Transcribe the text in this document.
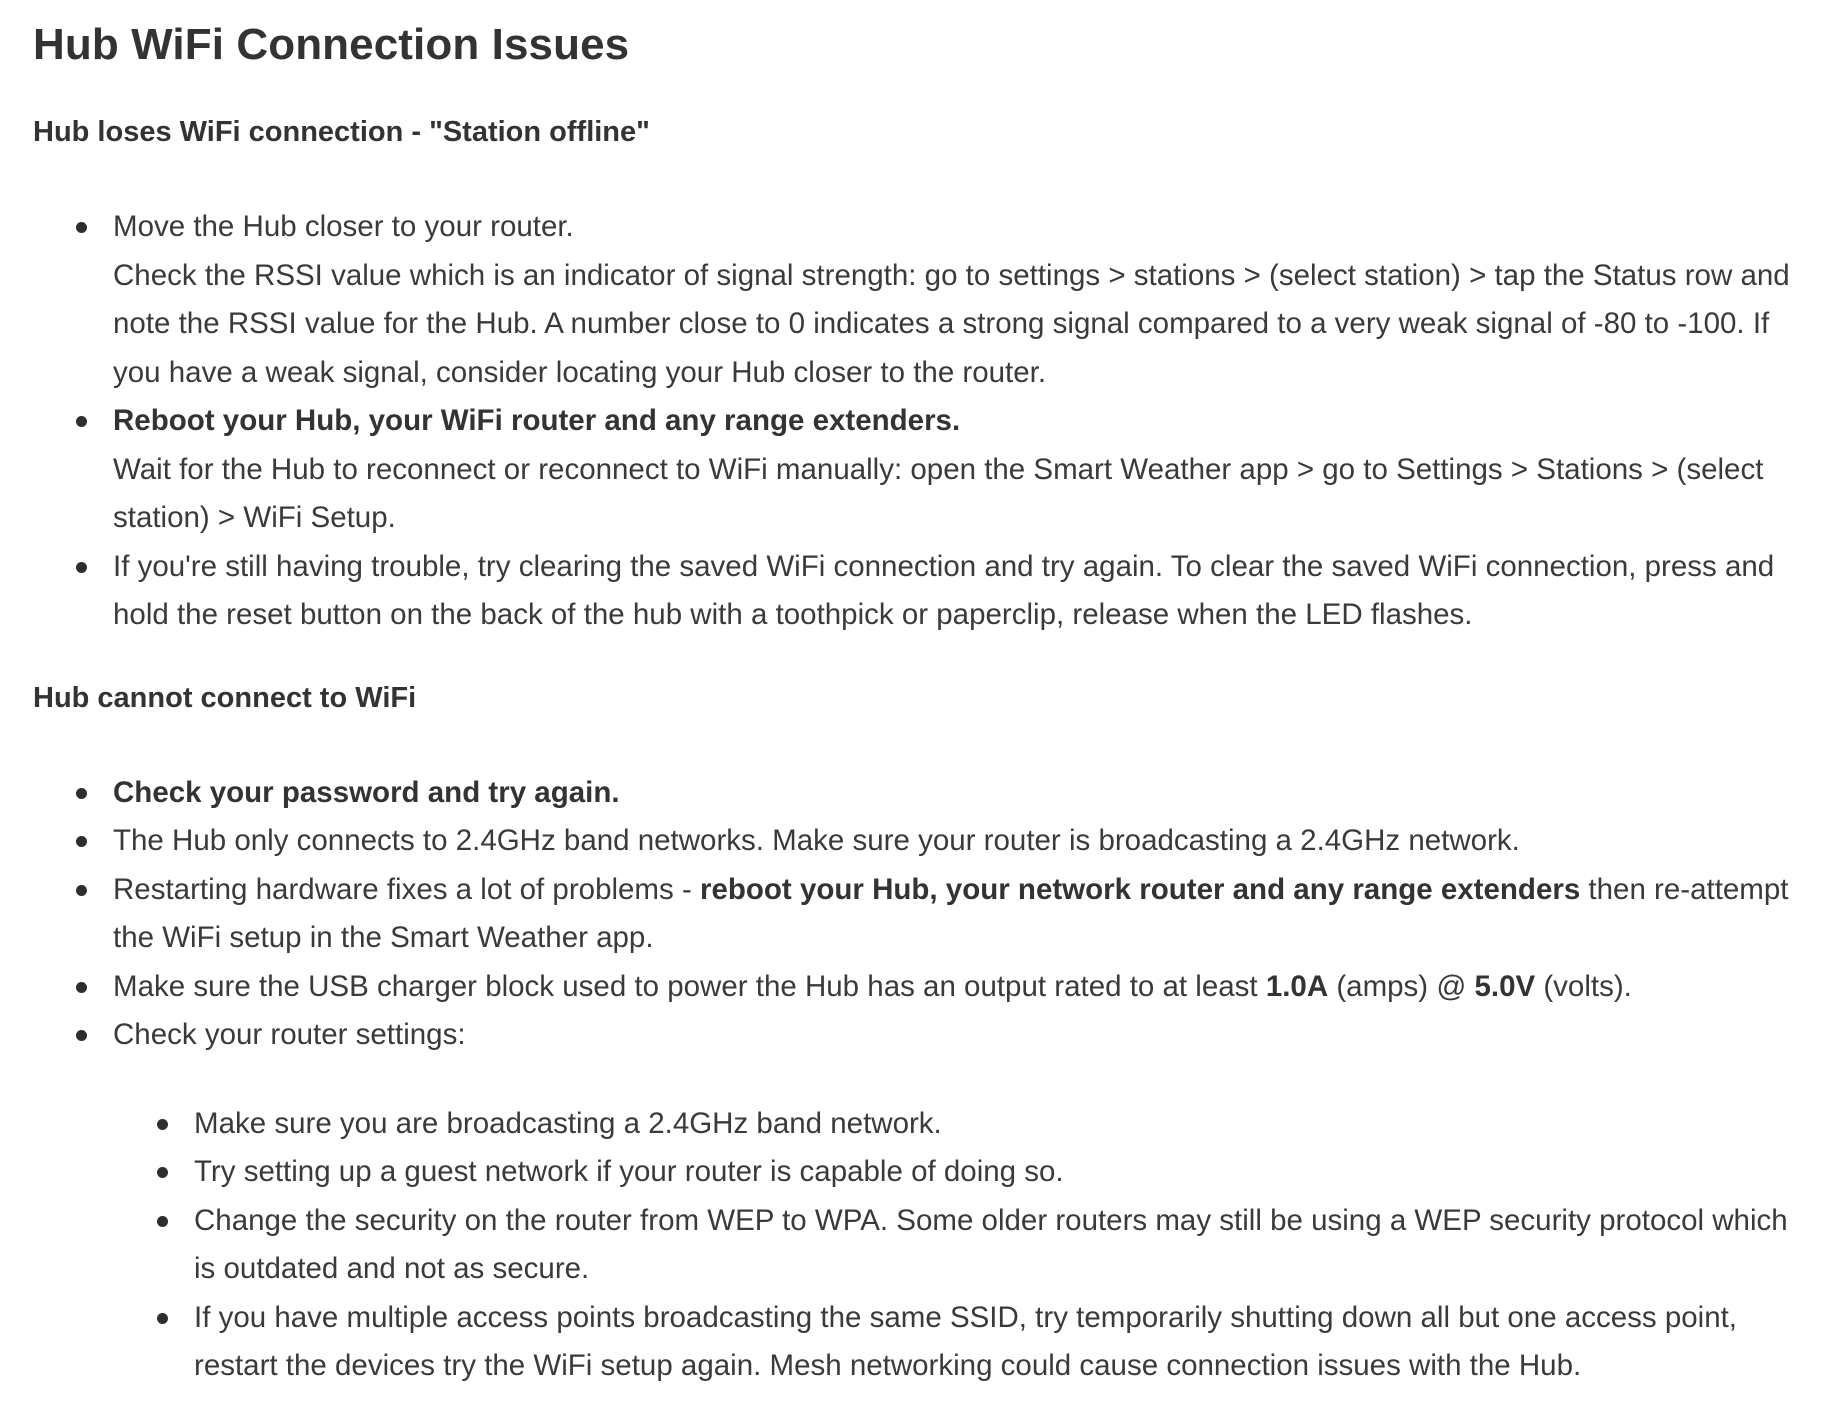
Hub WiFi Connection Issues
Hub loses WiFi connection - "Station offline"

Move the Hub closer to your router.

Check the RSSI value which is an indicator of signal strength: go to settings > stations > (select station) > tap the Status row and note the RSSI value for the Hub. A number close to 0 indicates a strong signal compared to a very weak signal of -80 to -100. If you have a weak signal, consider locating your Hub closer to the router.

Reboot your Hub, your WiFi router and any range extenders.

Wait for the Hub to reconnect or reconnect to WiFi manually: open the Smart Weather app > go to Settings > Stations > (select station) > WiFi Setup.

If you're still having trouble, try clearing the saved WiFi connection and try again. To clear the saved WiFi connection, press and hold the reset button on the back of the hub with a toothpick or paperclip, release when the LED flashes.

Hub cannot connect to WiFi

Check your password and try again.

The Hub only connects to 2.4GHz band networks. Make sure your router is broadcasting a 2.4GHz network.

Restarting hardware fixes a lot of problems - reboot your Hub, your network router and any range extenders then re-attempt the WiFi setup in the Smart Weather app.

Make sure the USB charger block used to power the Hub has an output rated to at least 1.0A (amps) @ 5.0V (volts).

Check your router settings:

Make sure you are broadcasting a 2.4GHz band network.
Try setting up a guest network if your router is capable of doing so.
Change the security on the router from WEP to WPA. Some older routers may still be using a WEP security protocol which is outdated and not as secure.
If you have multiple access points broadcasting the same SSID, try temporarily shutting down all but one access point, restart the devices try the WiFi setup again. Mesh networking could cause connection issues with the Hub.
